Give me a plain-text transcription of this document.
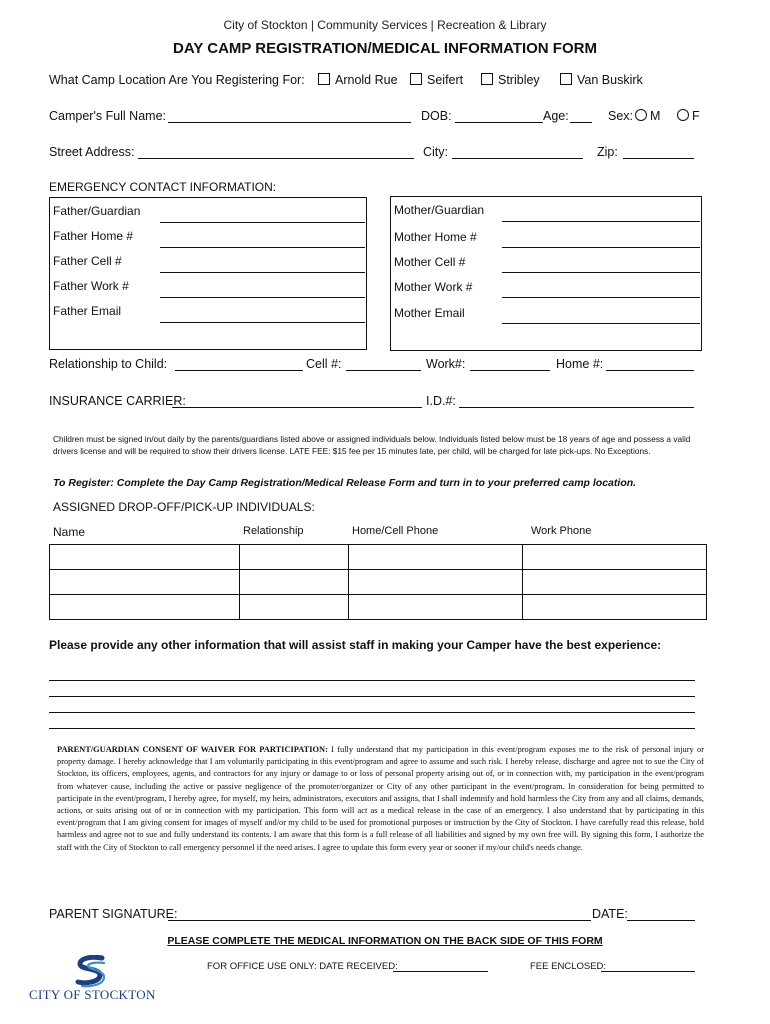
City of Stockton | Community Services | Recreation & Library
DAY CAMP REGISTRATION/MEDICAL INFORMATION FORM
What Camp Location Are You Registering For:	Arnold Rue	Seifert	Stribley	Van Buskirk
Camper's Full Name:	DOB:	Age:	Sex:	M	F
Street Address:	City:	Zip:
EMERGENCY CONTACT INFORMATION:
Father/Guardian
Father Home #
Father Cell #
Father Work #
Father Email
Mother/Guardian
Mother Home #
Mother Cell #
Mother Work #
Mother Email
Relationship to Child:	Cell #:	Work#:	Home #:
INSURANCE CARRIER:	I.D.#:
Children must be signed in/out daily by the parents/guardians listed above or assigned individuals below. Individuals listed below must be 18 years of age and possess a valid drivers license and will be required to show their drivers license. LATE FEE: $15 fee per 15 minutes late, per child, will be charged for late pick-ups. No Exceptions.
To Register: Complete the Day Camp Registration/Medical Release Form and turn in to your preferred camp location.
ASSIGNED DROP-OFF/PICK-UP INDIVIDUALS:
Name	Relationship	Home/Cell Phone	Work Phone

Please provide any other information that will assist staff in making your Camper have the best experience:
PARENT/GUARDIAN CONSENT OF WAIVER FOR PARTICIPATION: I fully understand that my participation in this event/program exposes me to the risk of personal injury or property damage. I hereby acknowledge that I am voluntarily participating in this event/program and agree to assume and such risk. I hereby release, discharge and agree not to sue the City of Stockton, its officers, employees, agents, and contractors for any injury or damage to or loss of personal property arising out of, or in connection with, my participation in the event/program from whatever cause, including the active or passive negligence of the promoter/organizer or City of any other participant in the event/program. In consideration for being permitted to participate in the event/program, I hereby agree, for myself, my heirs, administrators, executors and assigns, that I shall indemnify and hold harmless the City from any and all claims, demands, actions, or suits arising out of or in connection with my participation. This form will act as a medical release in the case of an emergency. I also understand that by participating in this event/program that I am giving consent for images of myself and/or my child to be used for promotional purposes or instruction by the City of Stockton. I have carefully read this release, hold harmless and agree not to sue and fully understand its contents. I am aware that this form is a full release of all liabilities and signed by my own free will. By signing this form, I authorize the staff with the City of Stockton to call emergency personnel if the need arises. I agree to update this form every year or sooner if my/our child's needs change.
PARENT SIGNATURE:	DATE:
PLEASE COMPLETE THE MEDICAL INFORMATION ON THE BACK SIDE OF THIS FORM
FOR OFFICE USE ONLY: DATE RECEIVED:	FEE ENCLOSED:
CITY OF STOCKTON
